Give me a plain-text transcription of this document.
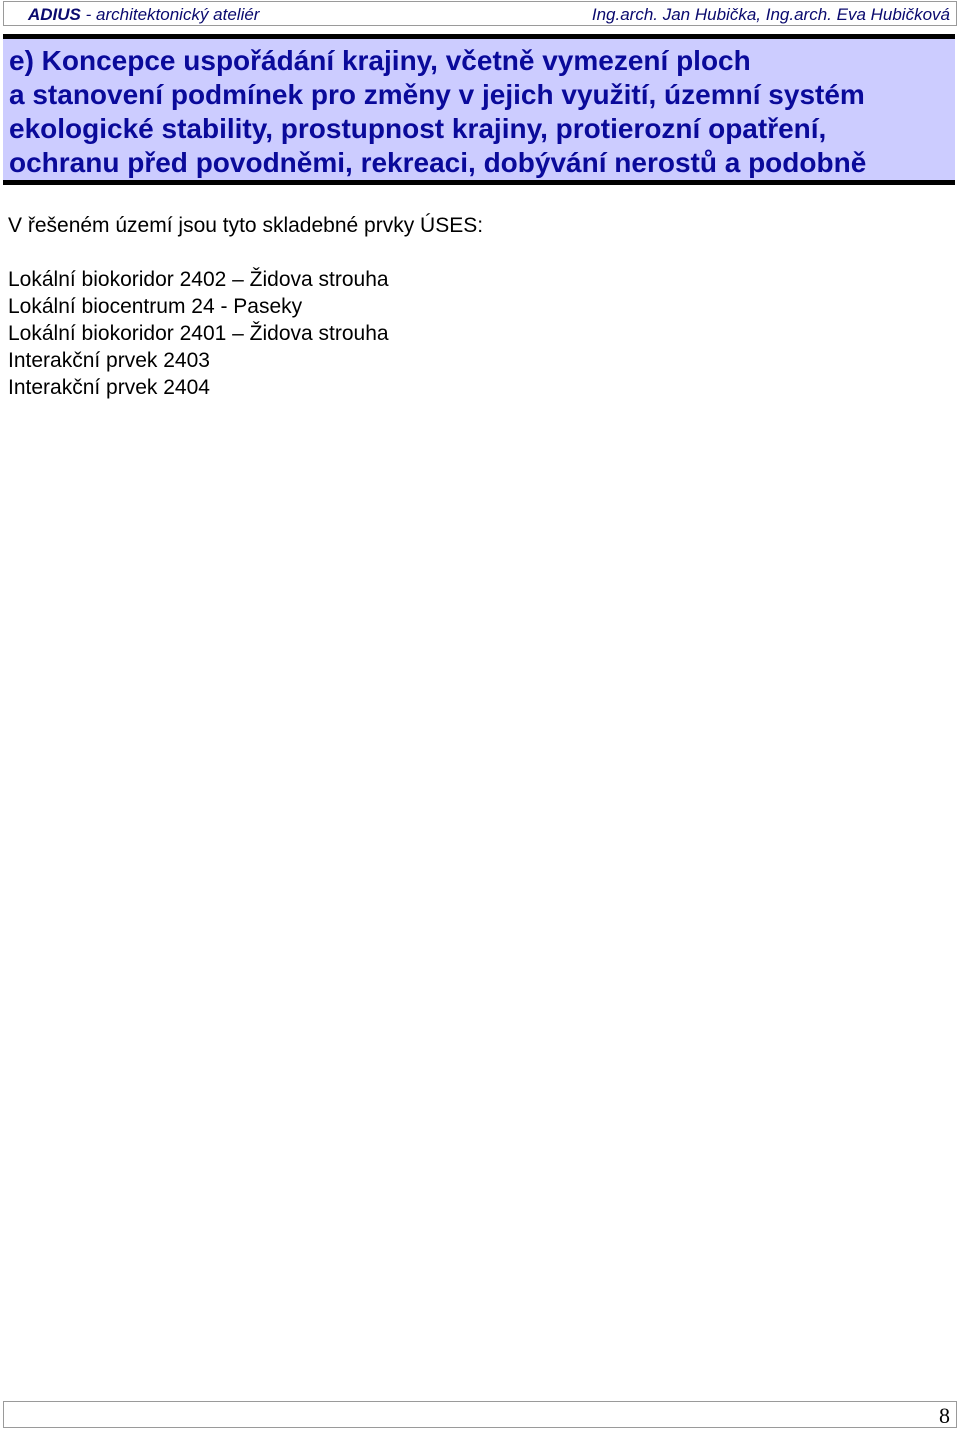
ADIUS - architektonický ateliér	Ing.arch. Jan Hubička, Ing.arch. Eva Hubičková
e) Koncepce uspořádání krajiny, včetně vymezení ploch
a stanovení podmínek pro změny v jejich využití, územní systém
ekologické stability, prostupnost krajiny, protierozní opatření,
ochranu před povodněmi, rekreaci, dobývání nerostů a podobně

V řešeném území jsou tyto skladebné prvky ÚSES:

Lokální biokoridor 2402 – Židova strouha
Lokální biocentrum 24 - Paseky
Lokální biokoridor 2401 – Židova strouha
Interakční prvek 2403
Interakční prvek 2404
8
